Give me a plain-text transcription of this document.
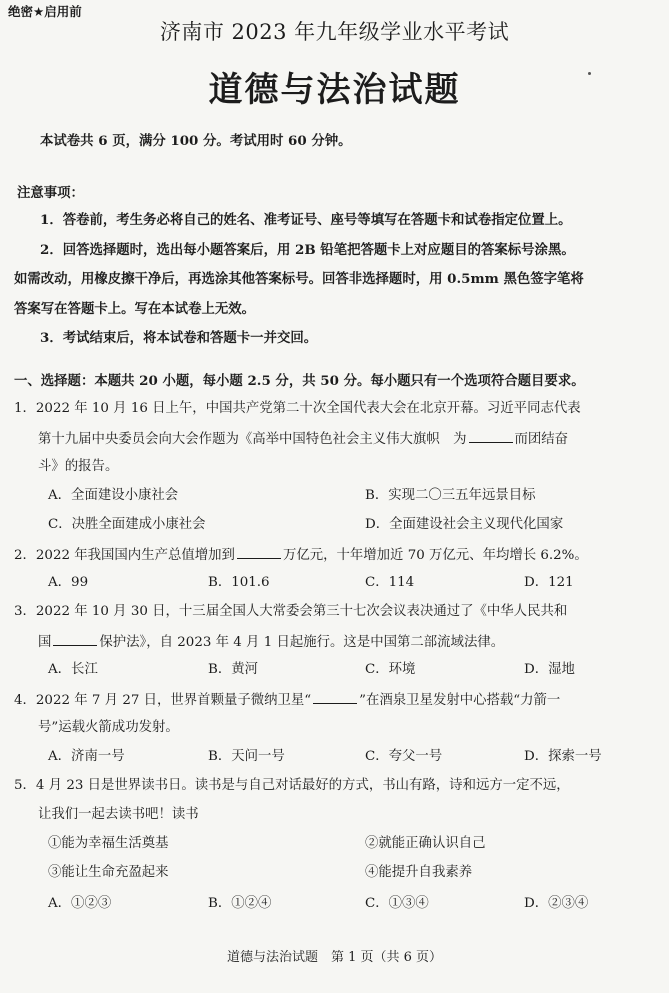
绝密★启用前
济南市 2023 年九年级学业水平考试
道德与法治试题
本试卷共 6 页，满分 100 分。考试用时 60 分钟。
注意事项：
1．答卷前，考生务必将自己的姓名、准考证号、座号等填写在答题卡和试卷指定位置上。
2．回答选择题时，选出每小题答案后，用 2B 铅笔把答题卡上对应题目的答案标号涂黑。
如需改动，用橡皮擦干净后，再选涂其他答案标号。回答非选择题时，用 0.5mm 黑色签字笔将
答案写在答题卡上。写在本试卷上无效。
3．考试结束后，将本试卷和答题卡一并交回。
一、选择题：本题共 20 小题，每小题 2.5 分，共 50 分。每小题只有一个选项符合题目要求。
1．2022 年 10 月 16 日上午，中国共产党第二十次全国代表大会在北京开幕。习近平同志代表
第十九届中央委员会向大会作题为《高举中国特色社会主义伟大旗帜　为	而团结奋
斗》的报告。
A．全面建设小康社会	B．实现二〇三五年远景目标
C．决胜全面建成小康社会	D．全面建设社会主义现代化国家
2．2022 年我国国内生产总值增加到	万亿元，十年增加近 70 万亿元、年均增长 6.2%。
A．99	B．101.6	C．114	D．121
3．2022 年 10 月 30 日，十三届全国人大常委会第三十七次会议表决通过了《中华人民共和
国	保护法》，自 2023 年 4 月 1 日起施行。这是中国第二部流域法律。
A．长江	B．黄河	C．环境	D．湿地
4．2022 年 7 月 27 日，世界首颗量子微纳卫星“	”在酒泉卫星发射中心搭载“力箭一
号”运载火箭成功发射。
A．济南一号	B．天问一号	C．夸父一号	D．探索一号
5．4 月 23 日是世界读书日。读书是与自己对话最好的方式，书山有路，诗和远方一定不远，
让我们一起去读书吧！读书
①能为幸福生活奠基	②就能正确认识自己
③能让生命充盈起来	④能提升自我素养
A．①②③	B．①②④	C．①③④	D．②③④
道德与法治试题　第 1 页（共 6 页）
